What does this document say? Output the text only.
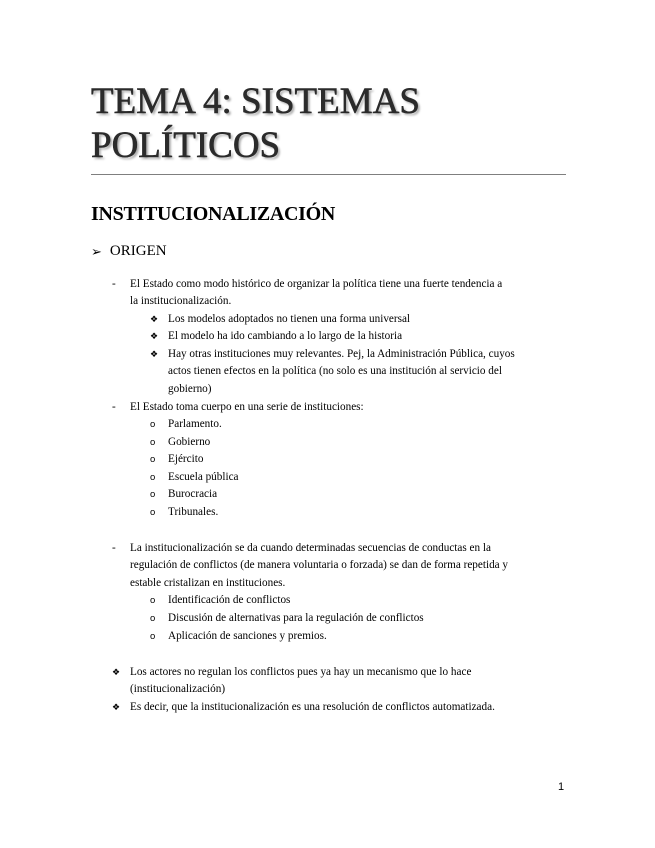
TEMA 4: SISTEMAS
POLÍTICOS
INSTITUCIONALIZACIÓN
➢ ORIGEN
- El Estado como modo histórico de organizar la política tiene una fuerte tendencia a
la institucionalización.
❖ Los modelos adoptados no tienen una forma universal
❖ El modelo ha ido cambiando a lo largo de la historia
❖ Hay otras instituciones muy relevantes. Pej, la Administración Pública, cuyos
actos tienen efectos en la política (no solo es una institución al servicio del
gobierno)
- El Estado toma cuerpo en una serie de instituciones:
o Parlamento.
o Gobierno
o Ejército
o Escuela pública
o Burocracia
o Tribunales.
- La institucionalización se da cuando determinadas secuencias de conductas en la
regulación de conflictos (de manera voluntaria o forzada) se dan de forma repetida y
estable cristalizan en instituciones.
o Identificación de conflictos
o Discusión de alternativas para la regulación de conflictos
o Aplicación de sanciones y premios.
❖ Los actores no regulan los conflictos pues ya hay un mecanismo que lo hace
(institucionalización)
❖ Es decir, que la institucionalización es una resolución de conflictos automatizada.
1
